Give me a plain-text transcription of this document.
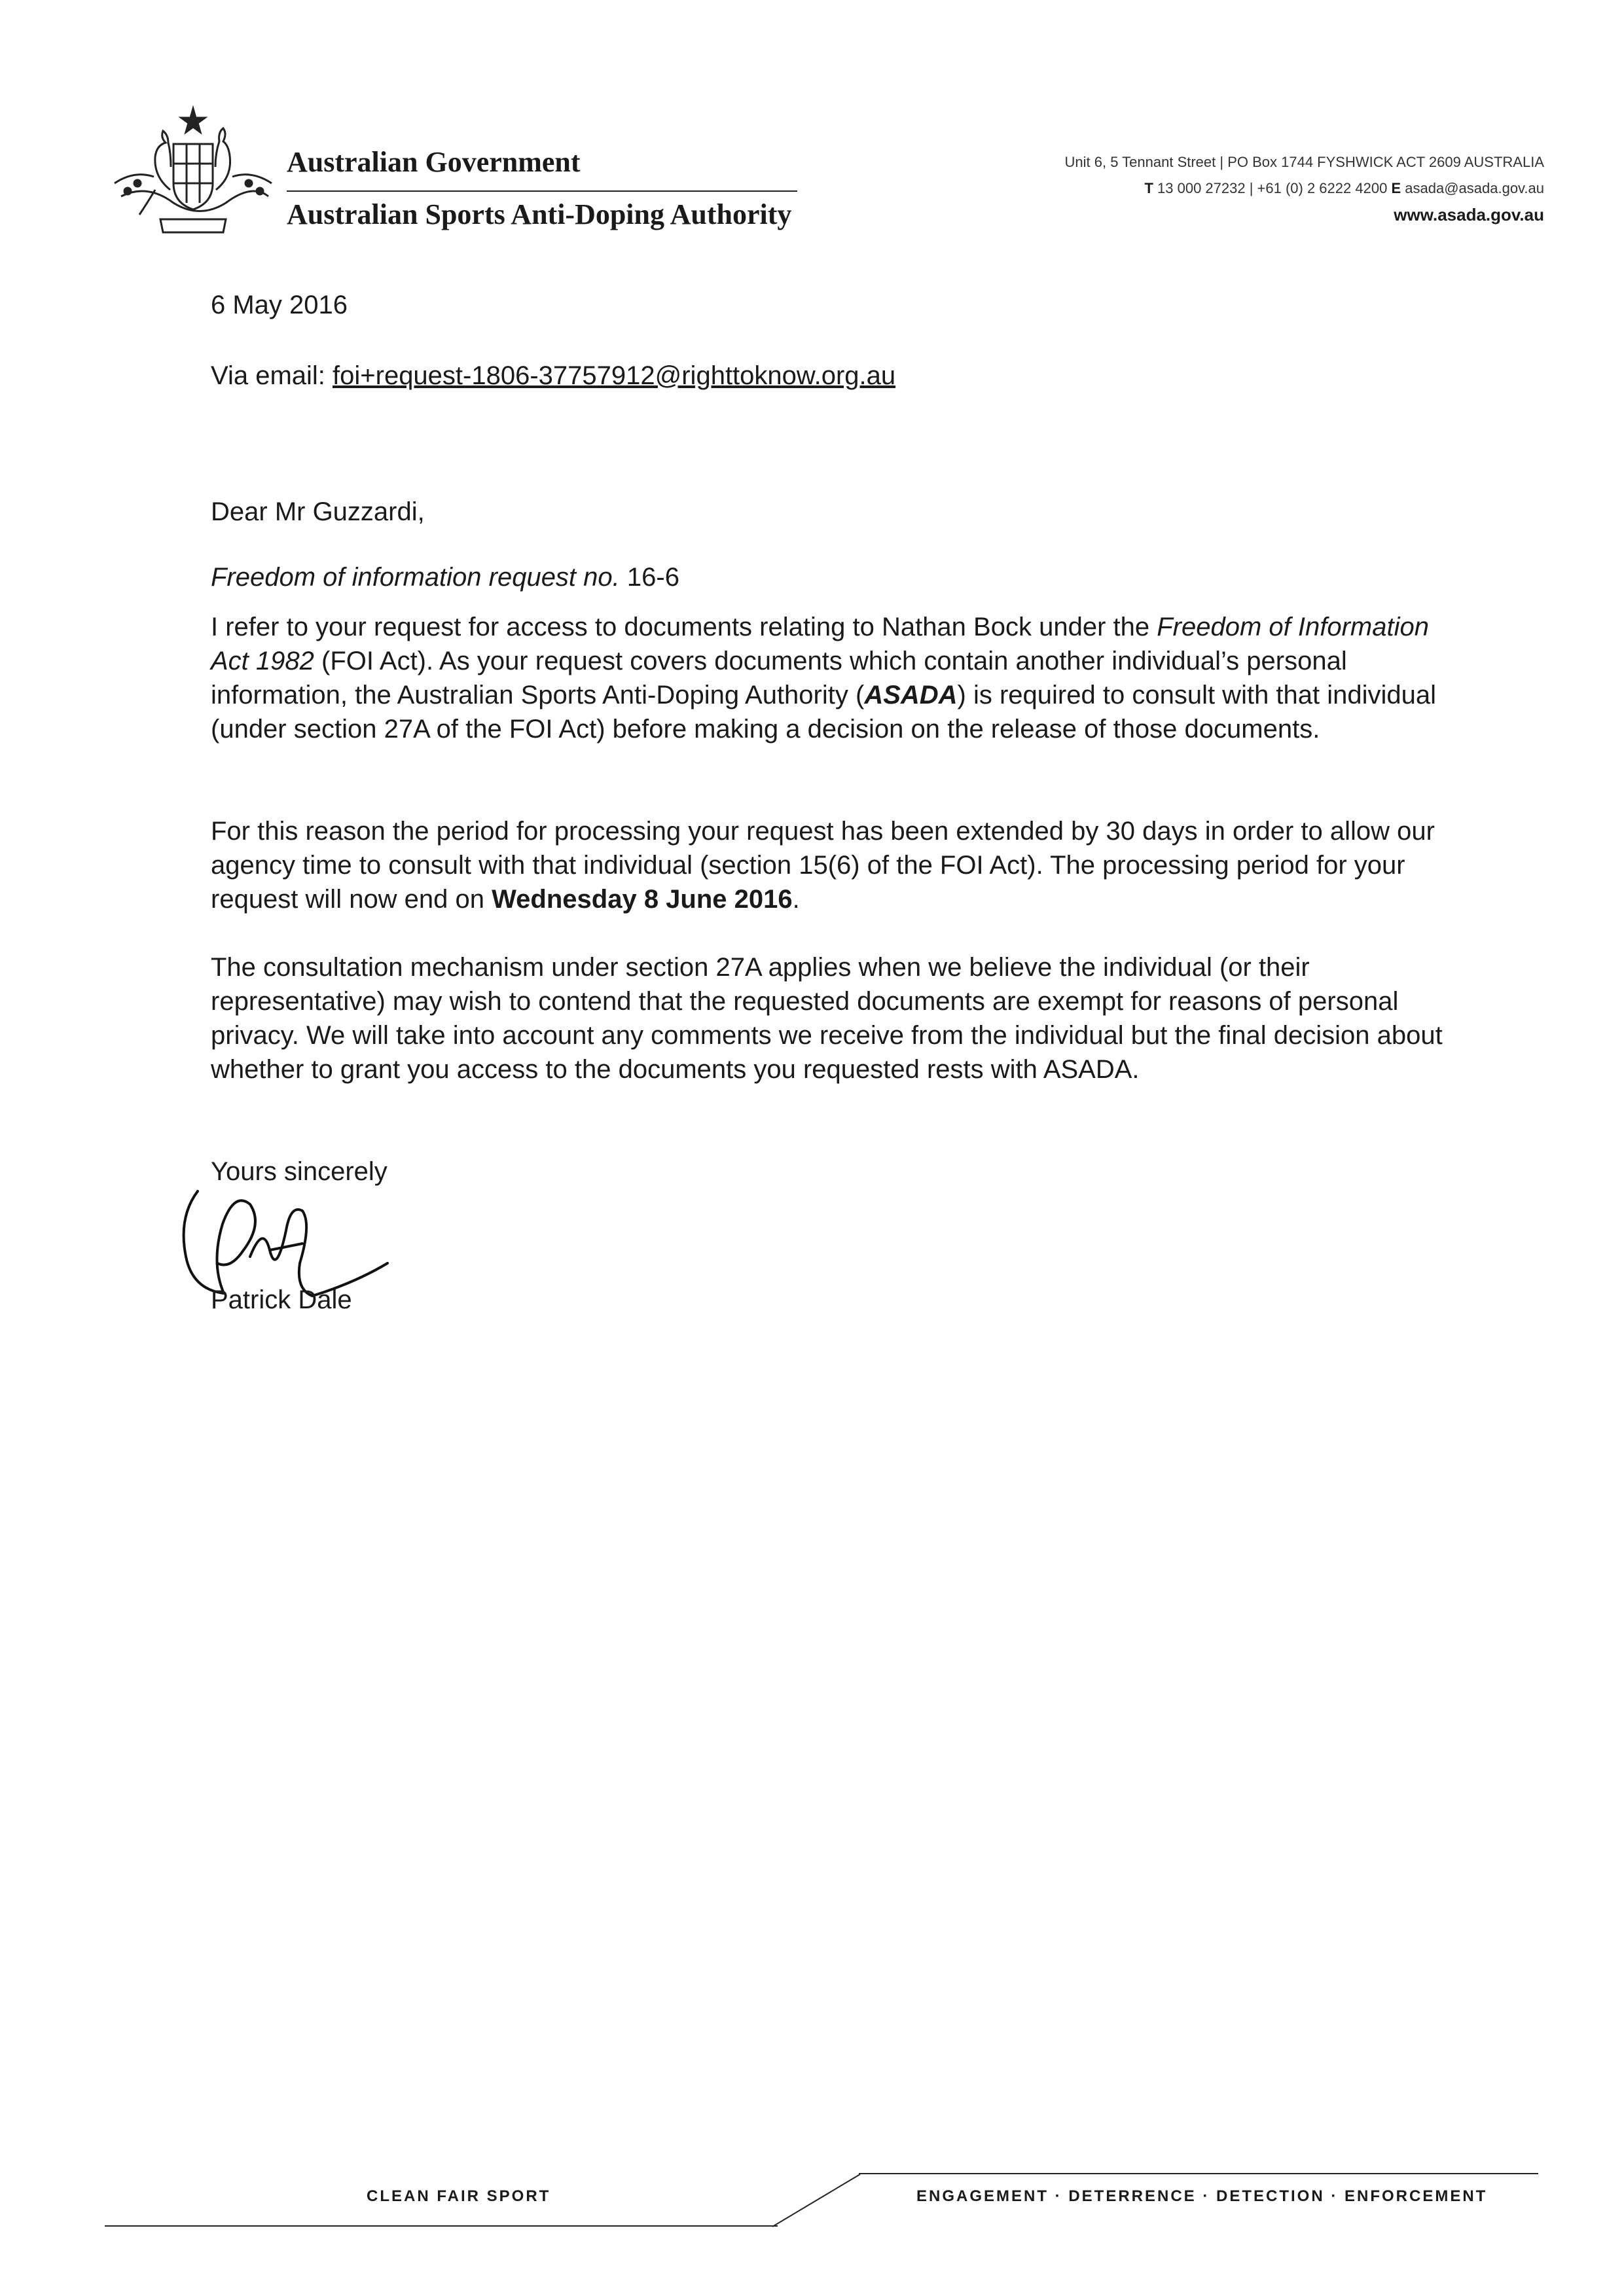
Australian Government
Australian Sports Anti-Doping Authority
Unit 6, 5 Tennant Street | PO Box 1744 FYSHWICK ACT 2609 AUSTRALIA
T 13 000 27232 | +61 (0) 2 6222 4200 E asada@asada.gov.au
www.asada.gov.au
6 May 2016
Via email: foi+request-1806-37757912@righttoknow.org.au
Dear Mr Guzzardi,
Freedom of information request no. 16-6
I refer to your request for access to documents relating to Nathan Bock under the Freedom of Information Act 1982 (FOI Act). As your request covers documents which contain another individual’s personal information, the Australian Sports Anti-Doping Authority (ASADA) is required to consult with that individual (under section 27A of the FOI Act) before making a decision on the release of those documents.
For this reason the period for processing your request has been extended by 30 days in order to allow our agency time to consult with that individual (section 15(6) of the FOI Act). The processing period for your request will now end on Wednesday 8 June 2016.
The consultation mechanism under section 27A applies when we believe the individual (or their representative) may wish to contend that the requested documents are exempt for reasons of personal privacy. We will take into account any comments we receive from the individual but the final decision about whether to grant you access to the documents you requested rests with ASADA.
Yours sincerely
Patrick Dale
CLEAN FAIR SPORT	ENGAGEMENT · DETERRENCE · DETECTION · ENFORCEMENT
